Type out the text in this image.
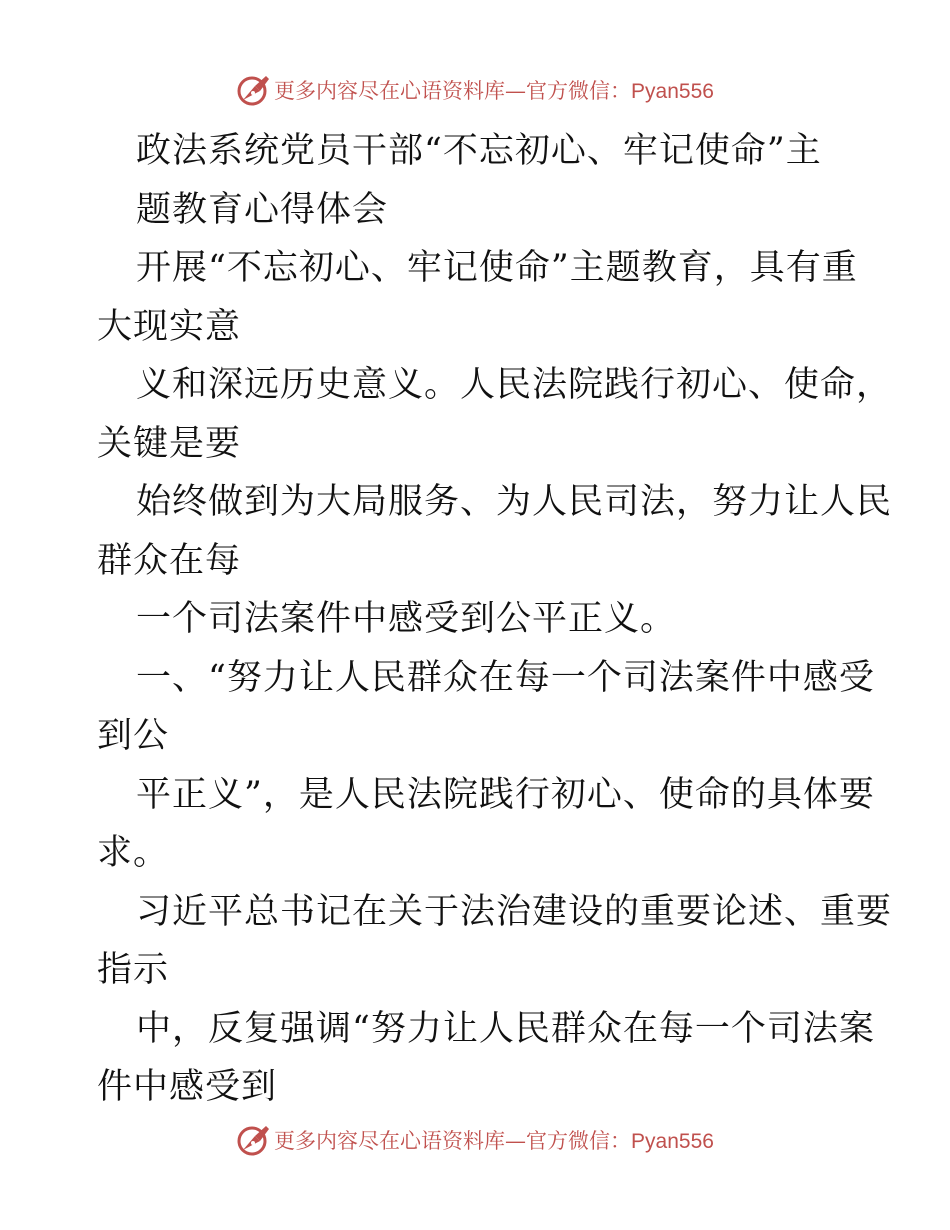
更多内容尽在心语资料库—官方微信：Pyan556
政法系统党员干部“不忘初心、牢记使命”主
题教育心得体会
开展“不忘初心、牢记使命”主题教育，具有重
大现实意
义和深远历史意义。人民法院践行初心、使命，
关键是要
始终做到为大局服务、为人民司法，努力让人民
群众在每
一个司法案件中感受到公平正义。
一、“努力让人民群众在每一个司法案件中感受
到公
平正义”，是人民法院践行初心、使命的具体要
求。
习近平总书记在关于法治建设的重要论述、重要
指示
中，反复强调“努力让人民群众在每一个司法案
件中感受到
更多内容尽在心语资料库—官方微信：Pyan556
